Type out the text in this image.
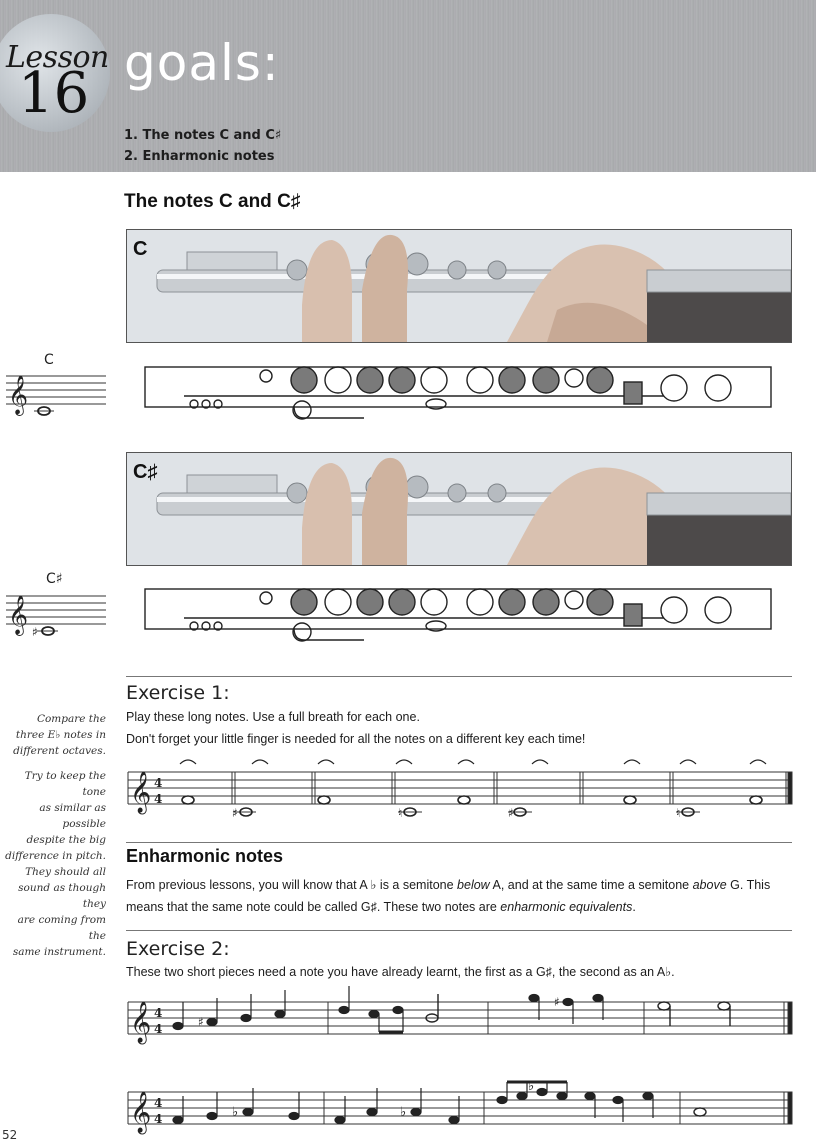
Lesson
16 goals:
1. The notes C and C♯
2. Enharmonic notes
The notes C and C♯
C
C
𝄞
C♯
C♯
𝄞 ♯
Exercise 1:
Play these long notes. Use a full breath for each one.
Don't forget your little finger is needed for all the notes on a different key each time!
Compare the
three E♭ notes in
different octaves.
Try to keep the tone
as similar as possible
despite the big
difference in pitch.
They should all
sound as though they
are coming from the
same instrument.
𝄞 4
4
♯	♮	♯	♮
Enharmonic notes
From previous lessons, you will know that A ♭ is a semitone below A, and at the same time a semitone above G. This means that the same note could be called G♯. These two notes are enharmonic equivalents.
Exercise 2:
These two short pieces need a note you have already learnt, the first as a G♯, the second as an A♭.
𝄞 4
4	♯
♯
𝄞 4
4	♭	♭
♭
52
